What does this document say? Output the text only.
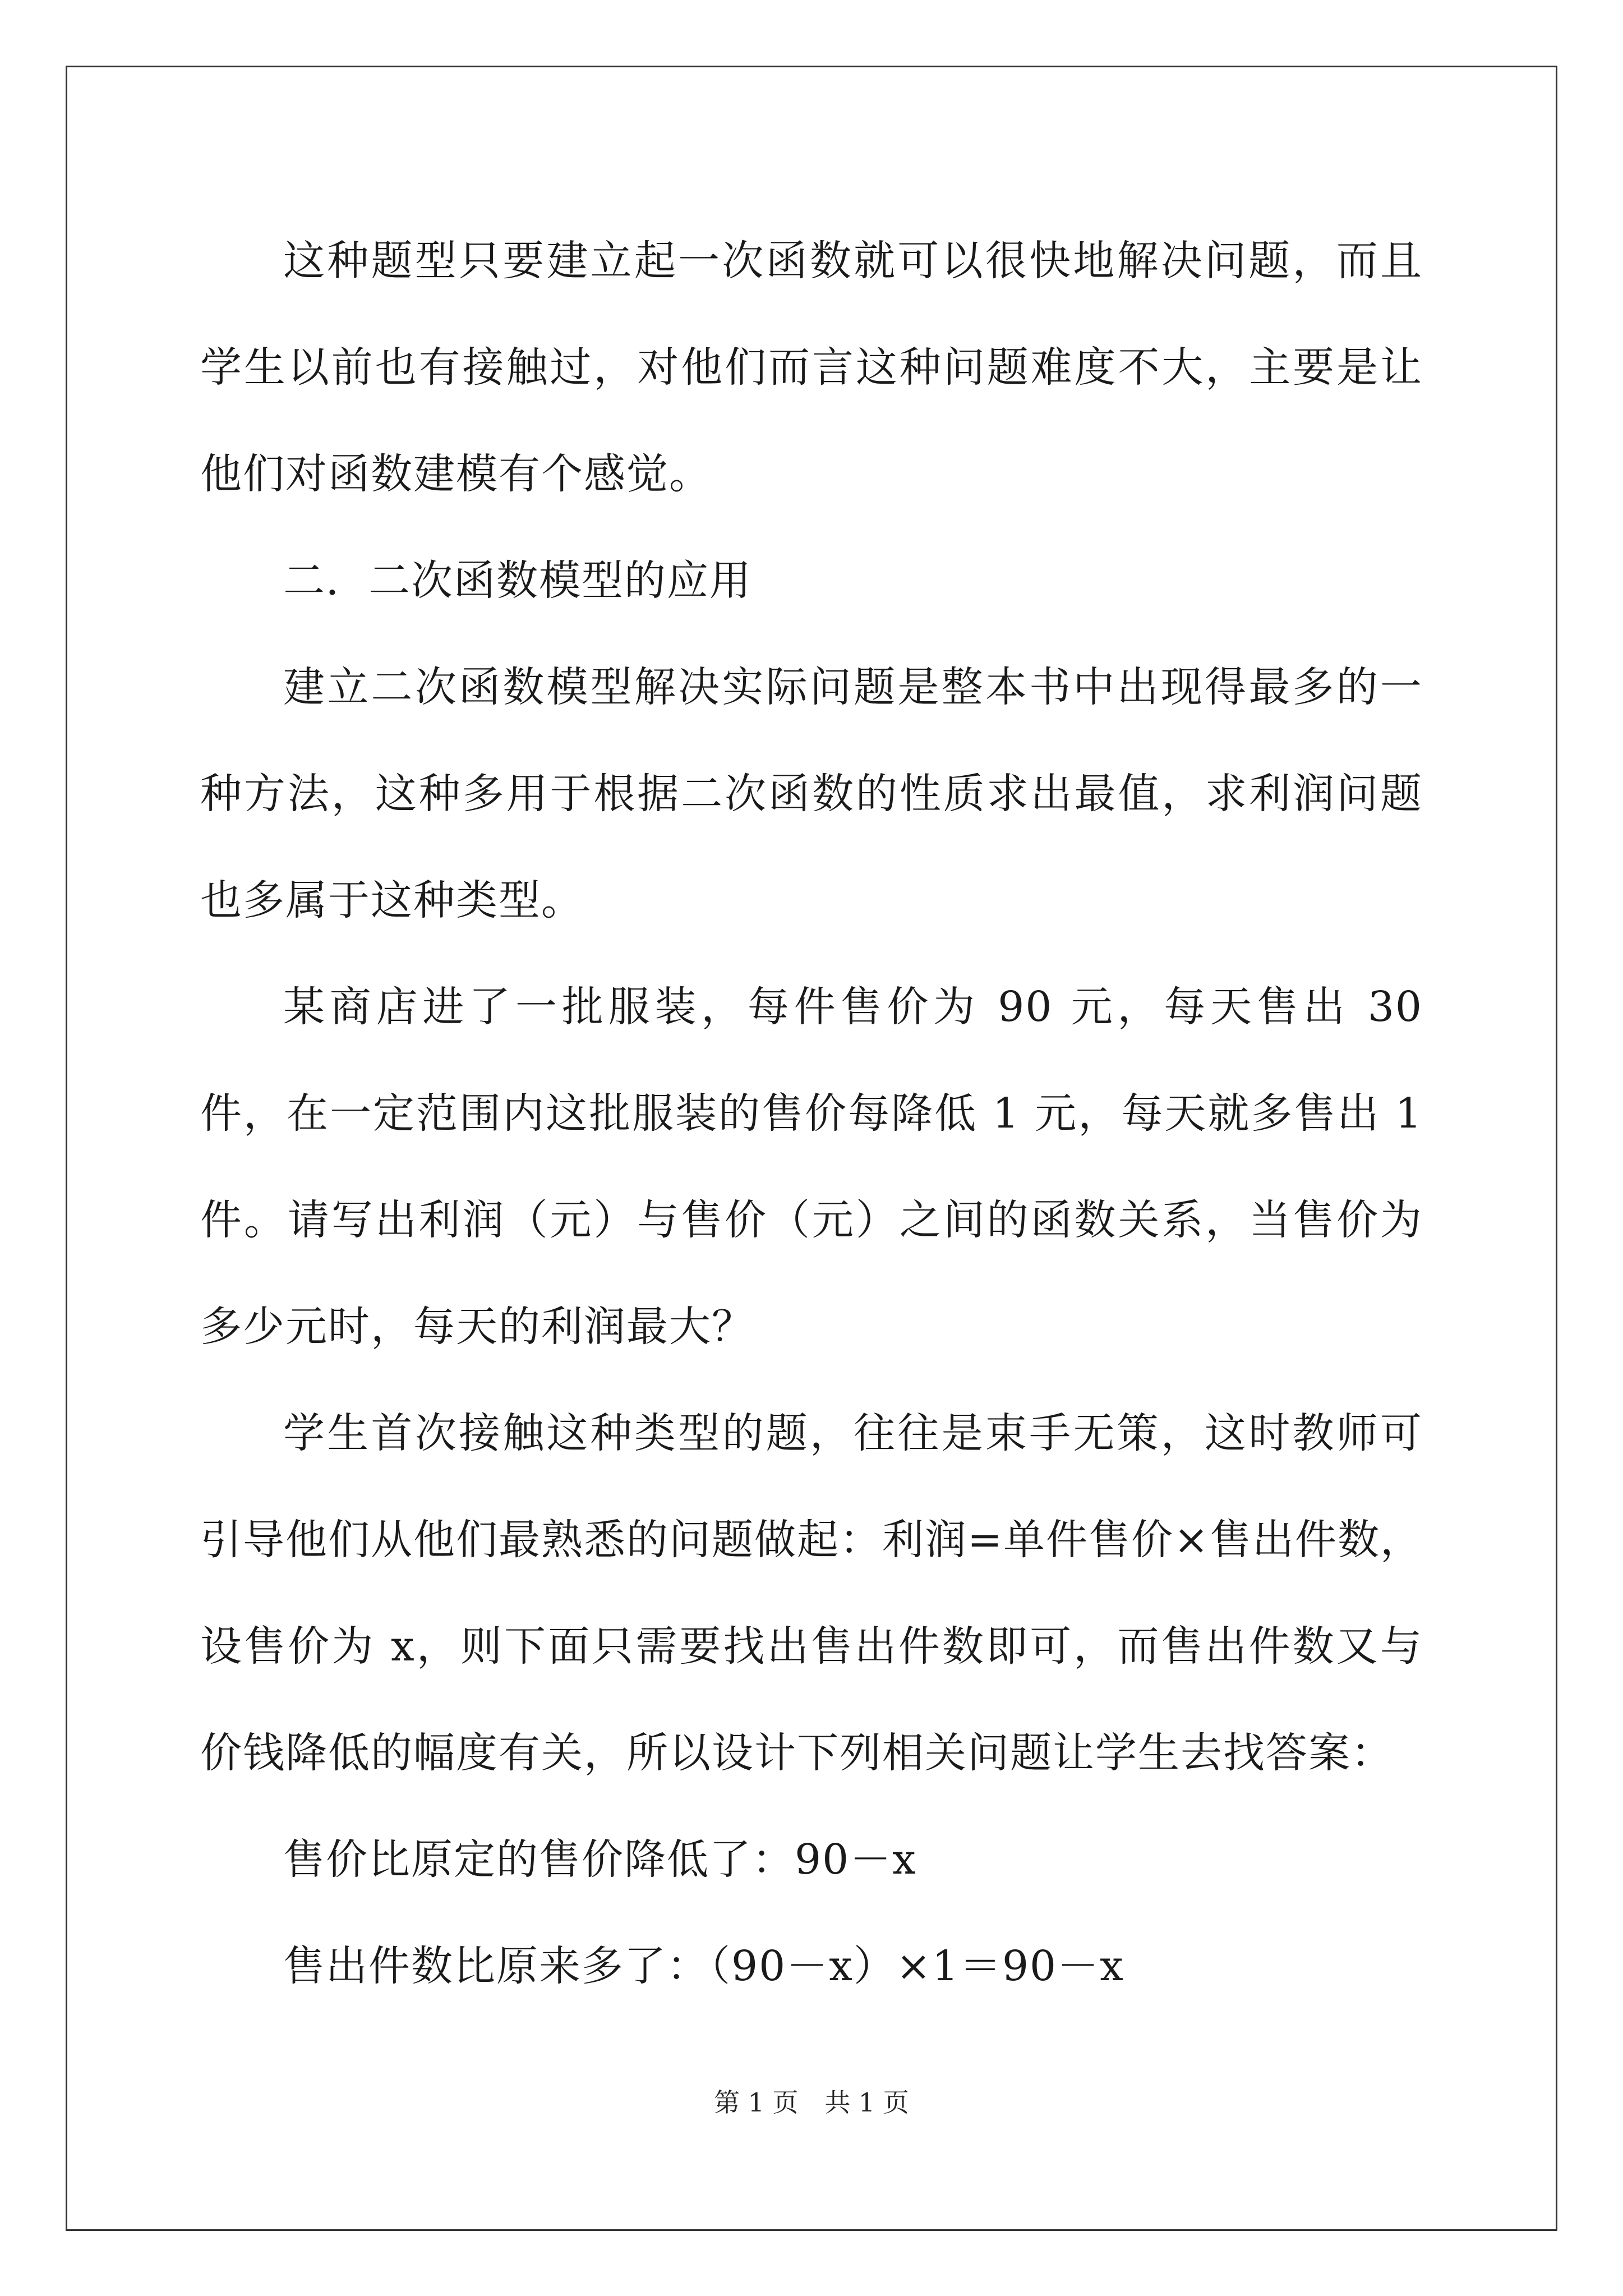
这种题型只要建立起一次函数就可以很快地解决问题，而且学生以前也有接触过，对他们而言这种问题难度不大，主要是让他们对函数建模有个感觉。

二．二次函数模型的应用

建立二次函数模型解决实际问题是整本书中出现得最多的一种方法，这种多用于根据二次函数的性质求出最值，求利润问题也多属于这种类型。

某商店进了一批服装，每件售价为 90 元，每天售出 30 件，在一定范围内这批服装的售价每降低 1 元，每天就多售出 1 件。请写出利润（元）与售价（元）之间的函数关系，当售价为多少元时，每天的利润最大？

学生首次接触这种类型的题，往往是束手无策，这时教师可引导他们从他们最熟悉的问题做起：利润=单件售价×售出件数，设售价为 x，则下面只需要找出售出件数即可，而售出件数又与价钱降低的幅度有关，所以设计下列相关问题让学生去找答案：

售价比原定的售价降低了：90－x

售出件数比原来多了：（90－x）×1＝90－x

第 1 页 共 1 页
